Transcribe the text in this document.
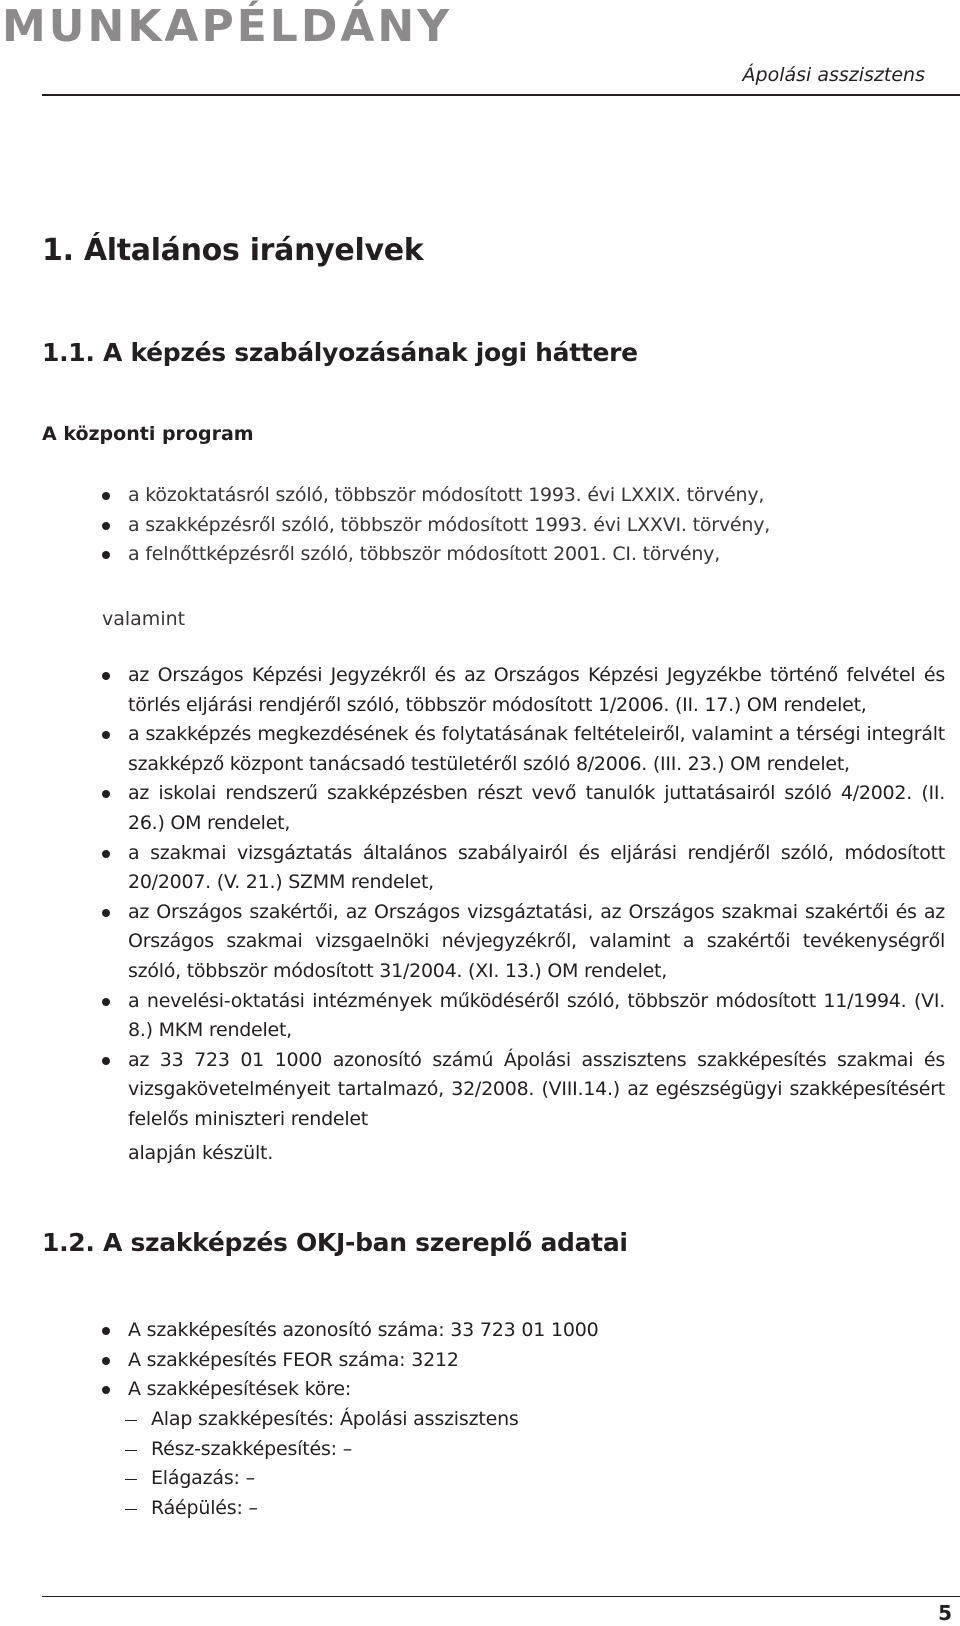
MUNKAPÉLDÁNY
Ápolási asszisztens
1. Általános irányelvek
1.1. A képzés szabályozásának jogi háttere
A központi program
a közoktatásról szóló, többször módosított 1993. évi LXXIX. törvény,
a szakképzésről szóló, többször módosított 1993. évi LXXVI. törvény,
a felnőttképzésről szóló, többször módosított 2001. CI. törvény,
valamint
az Országos Képzési Jegyzékről és az Országos Képzési Jegyzékbe történő felvétel és törlés eljárási rendjéről szóló, többször módosított 1/2006. (II. 17.) OM rendelet,
a szakképzés megkezdésének és folytatásának feltételeiről, valamint a térségi integrált szakképző központ tanácsadó testületéről szóló 8/2006. (III. 23.) OM rendelet,
az iskolai rendszerű szakképzésben részt vevő tanulók juttatásairól szóló 4/2002. (II. 26.) OM rendelet,
a szakmai vizsgáztatás általános szabályairól és eljárási rendjéről szóló, módosított 20/2007. (V. 21.) SZMM rendelet,
az Országos szakértői, az Országos vizsgáztatási, az Országos szakmai szakértői és az Országos szakmai vizsgaelnöki névjegyzékről, valamint a szakértői tevékenységről szóló, többször módosított 31/2004. (XI. 13.) OM rendelet,
a nevelési-oktatási intézmények működéséről szóló, többször módosított 11/1994. (VI. 8.) MKM rendelet,
az 33 723 01 1000 azonosító számú Ápolási asszisztens szakképesítés szakmai és vizsgakövetelményeit tartalmazó, 32/2008. (VIII.14.) az egészségügyi szakképesítésért felelős miniszteri rendelet
alapján készült.
1.2. A szakképzés OKJ-ban szereplő adatai
A szakképesítés azonosító száma: 33 723 01 1000
A szakképesítés FEOR száma: 3212
A szakképesítések köre:
Alap szakképesítés: Ápolási asszisztens
Rész-szakképesítés: –
Elágazás: –
Ráépülés: –
5
